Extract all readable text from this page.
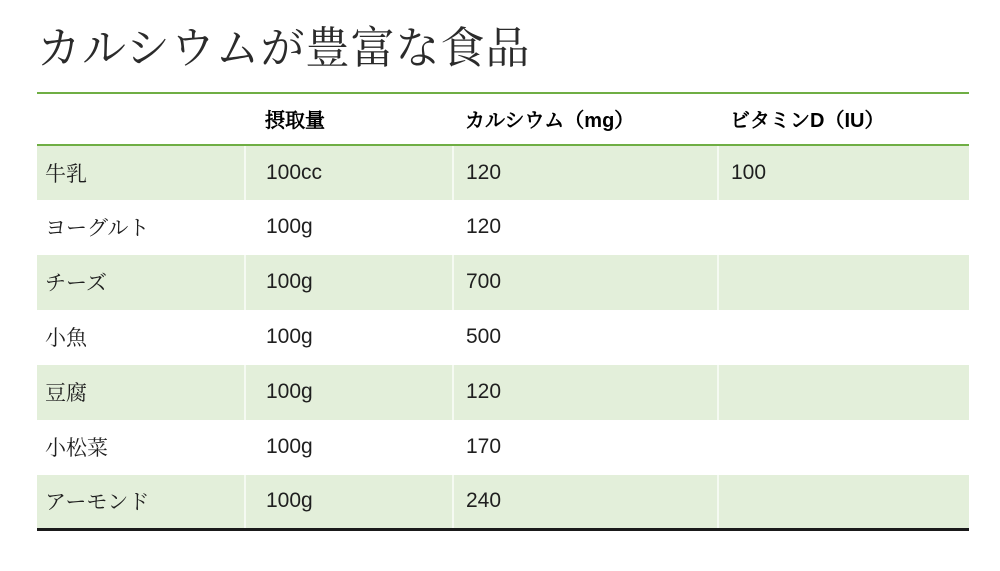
カルシウムが豊富な食品
	摂取量	カルシウム（mg）	ビタミンD（IU）
牛乳	100cc	120	100
ヨーグルト	100g	120	
チーズ	100g	700	
小魚	100g	500	
豆腐	100g	120	
小松菜	100g	170	
アーモンド	100g	240	
